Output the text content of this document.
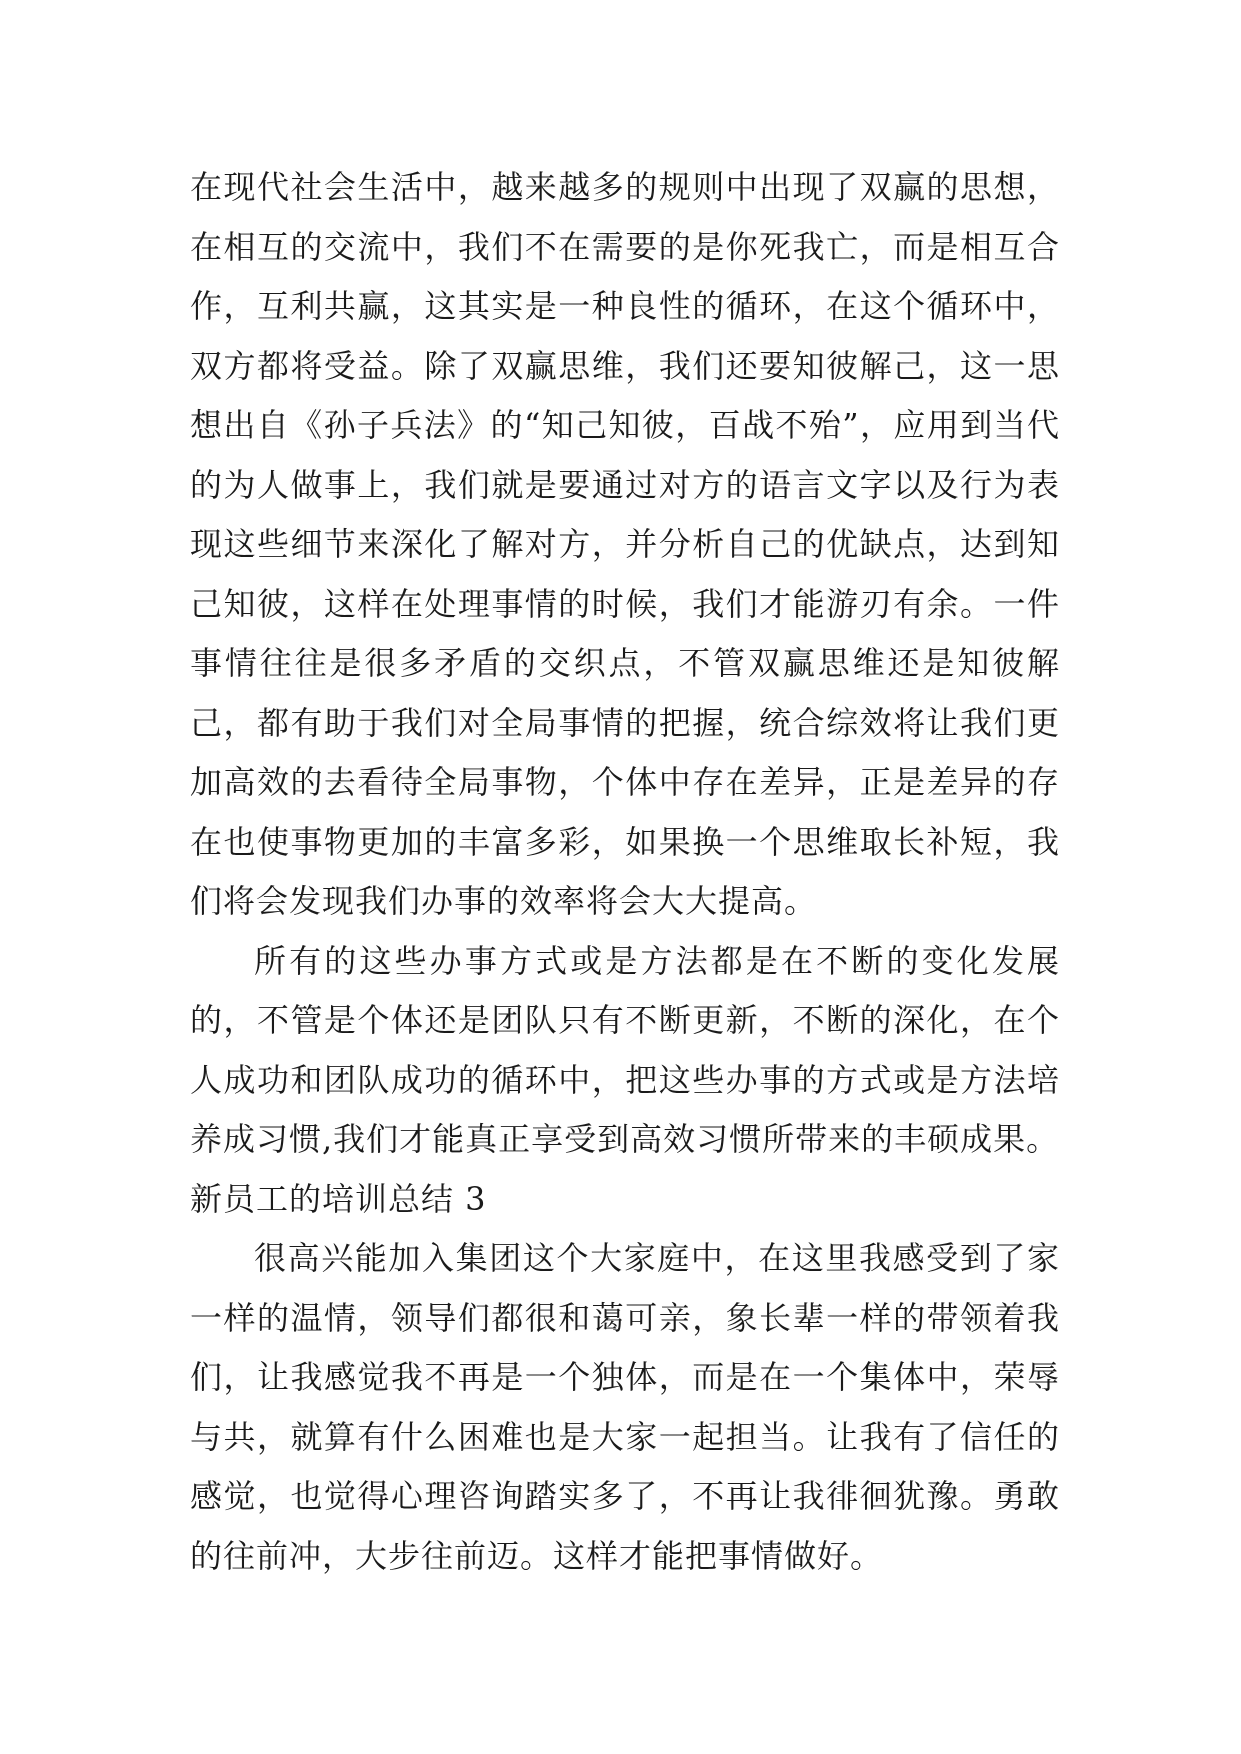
在现代社会生活中，越来越多的规则中出现了双赢的思想，在相互的交流中，我们不在需要的是你死我亡，而是相互合作，互利共赢，这其实是一种良性的循环，在这个循环中，双方都将受益。除了双赢思维，我们还要知彼解己，这一思想出自《孙子兵法》的“知己知彼，百战不殆”，应用到当代的为人做事上，我们就是要通过对方的语言文字以及行为表现这些细节来深化了解对方，并分析自己的优缺点，达到知己知彼，这样在处理事情的时候，我们才能游刃有余。一件事情往往是很多矛盾的交织点，不管双赢思维还是知彼解己，都有助于我们对全局事情的把握，统合综效将让我们更加高效的去看待全局事物，个体中存在差异，正是差异的存在也使事物更加的丰富多彩，如果换一个思维取长补短，我们将会发现我们办事的效率将会大大提高。

所有的这些办事方式或是方法都是在不断的变化发展的，不管是个体还是团队只有不断更新，不断的深化，在个人成功和团队成功的循环中，把这些办事的方式或是方法培养成习惯,我们才能真正享受到高效习惯所带来的丰硕成果。

新员工的培训总结 3

很高兴能加入集团这个大家庭中，在这里我感受到了家一样的温情，领导们都很和蔼可亲，象长辈一样的带领着我们，让我感觉我不再是一个独体，而是在一个集体中，荣辱与共，就算有什么困难也是大家一起担当。让我有了信任的感觉，也觉得心理咨询踏实多了，不再让我徘徊犹豫。勇敢的往前冲，大步往前迈。这样才能把事情做好。
